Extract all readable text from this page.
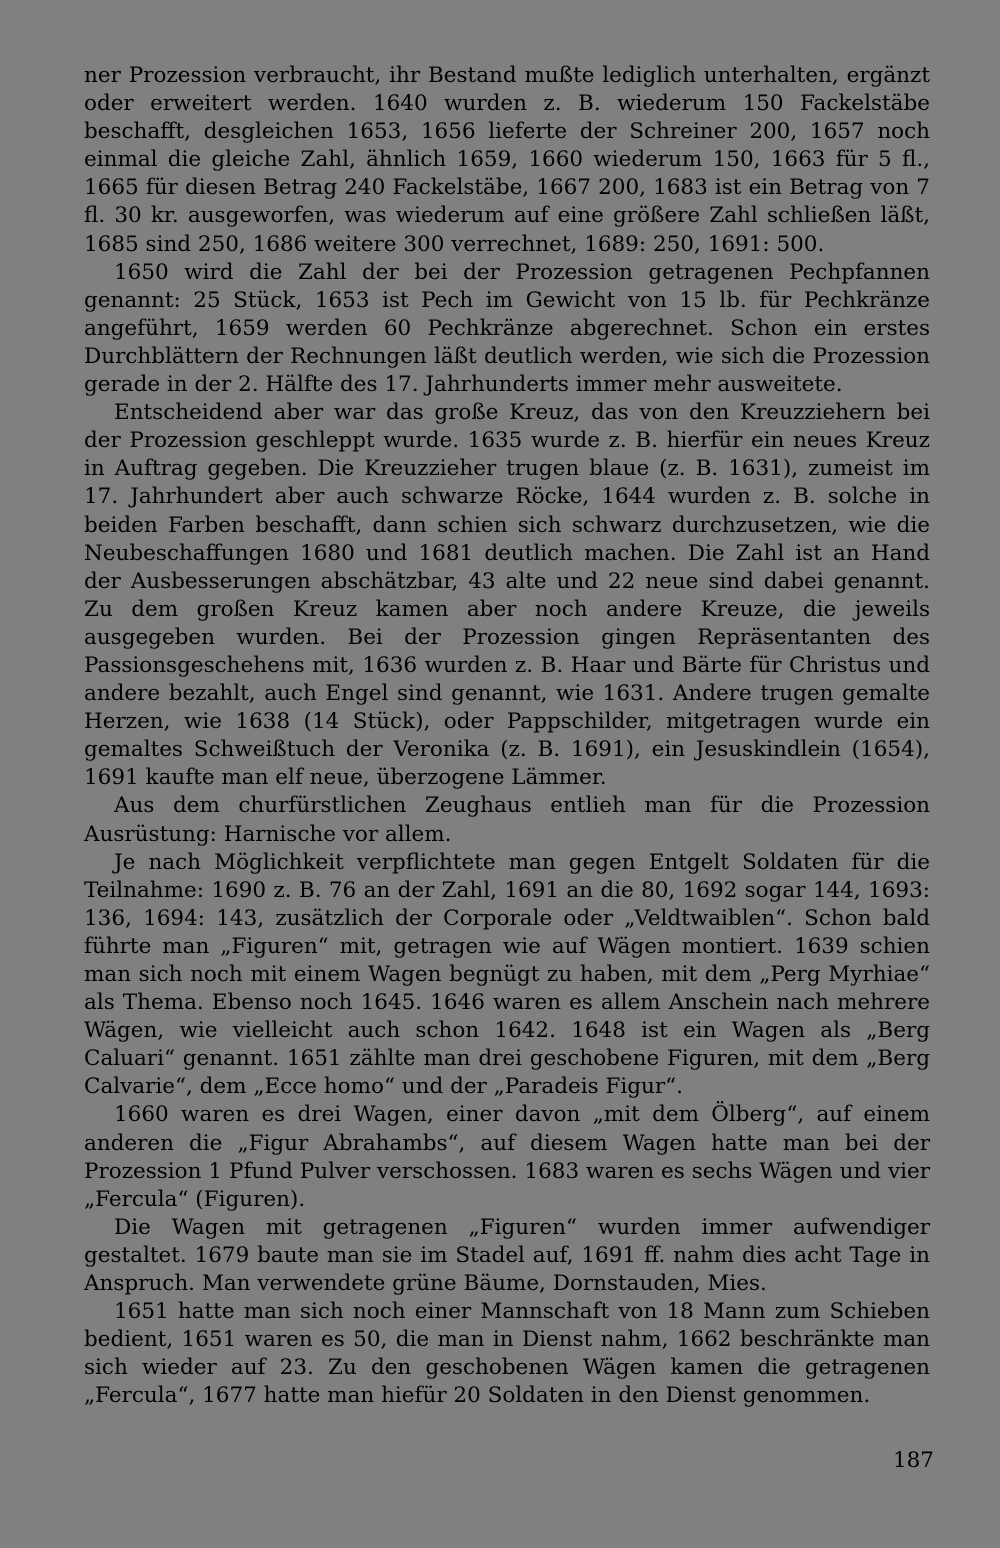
ner Prozession verbraucht, ihr Bestand mußte lediglich unterhalten, ergänzt oder erweitert werden. 1640 wurden z. B. wiederum 150 Fackelstäbe beschafft, desgleichen 1653, 1656 lieferte der Schreiner 200, 1657 noch einmal die gleiche Zahl, ähnlich 1659, 1660 wiederum 150, 1663 für 5 fl., 1665 für diesen Betrag 240 Fackelstäbe, 1667 200, 1683 ist ein Betrag von 7 fl. 30 kr. ausgeworfen, was wiederum auf eine größere Zahl schließen läßt, 1685 sind 250, 1686 weitere 300 verrechnet, 1689: 250, 1691: 500.

1650 wird die Zahl der bei der Prozession getragenen Pechpfannen genannt: 25 Stück, 1653 ist Pech im Gewicht von 15 lb. für Pechkränze angeführt, 1659 werden 60 Pechkränze abgerechnet. Schon ein erstes Durchblättern der Rechnungen läßt deutlich werden, wie sich die Prozession gerade in der 2. Hälfte des 17. Jahrhunderts immer mehr ausweitete.

Entscheidend aber war das große Kreuz, das von den Kreuzziehern bei der Prozession geschleppt wurde. 1635 wurde z. B. hierfür ein neues Kreuz in Auftrag gegeben. Die Kreuzzieher trugen blaue (z. B. 1631), zumeist im 17. Jahrhundert aber auch schwarze Röcke, 1644 wurden z. B. solche in beiden Farben beschafft, dann schien sich schwarz durchzusetzen, wie die Neubeschaffungen 1680 und 1681 deutlich machen. Die Zahl ist an Hand der Ausbesserungen abschätzbar, 43 alte und 22 neue sind dabei genannt. Zu dem großen Kreuz kamen aber noch andere Kreuze, die jeweils ausgegeben wurden. Bei der Prozession gingen Repräsentanten des Passionsgeschehens mit, 1636 wurden z. B. Haar und Bärte für Christus und andere bezahlt, auch Engel sind genannt, wie 1631. Andere trugen gemalte Herzen, wie 1638 (14 Stück), oder Pappschilder, mitgetragen wurde ein gemaltes Schweißtuch der Veronika (z. B. 1691), ein Jesuskindlein (1654), 1691 kaufte man elf neue, überzogene Lämmer.

Aus dem churfürstlichen Zeughaus entlieh man für die Prozession Ausrüstung: Harnische vor allem.

Je nach Möglichkeit verpflichtete man gegen Entgelt Soldaten für die Teilnahme: 1690 z. B. 76 an der Zahl, 1691 an die 80, 1692 sogar 144, 1693: 136, 1694: 143, zusätzlich der Corporale oder „Veldtwaiblen“. Schon bald führte man „Figuren“ mit, getragen wie auf Wägen montiert. 1639 schien man sich noch mit einem Wagen begnügt zu haben, mit dem „Perg Myrhiae“ als Thema. Ebenso noch 1645. 1646 waren es allem Anschein nach mehrere Wägen, wie vielleicht auch schon 1642. 1648 ist ein Wagen als „Berg Caluari“ genannt. 1651 zählte man drei geschobene Figuren, mit dem „Berg Calvarie“, dem „Ecce homo“ und der „Paradeis Figur“.

1660 waren es drei Wagen, einer davon „mit dem Ölberg“, auf einem anderen die „Figur Abrahambs“, auf diesem Wagen hatte man bei der Prozession 1 Pfund Pulver verschossen. 1683 waren es sechs Wägen und vier „Fercula“ (Figuren).

Die Wagen mit getragenen „Figuren“ wurden immer aufwendiger gestaltet. 1679 baute man sie im Stadel auf, 1691 ff. nahm dies acht Tage in Anspruch. Man verwendete grüne Bäume, Dornstauden, Mies.

1651 hatte man sich noch einer Mannschaft von 18 Mann zum Schieben bedient, 1651 waren es 50, die man in Dienst nahm, 1662 beschränkte man sich wieder auf 23. Zu den geschobenen Wägen kamen die getragenen „Fercula“, 1677 hatte man hiefür 20 Soldaten in den Dienst genommen.

187
